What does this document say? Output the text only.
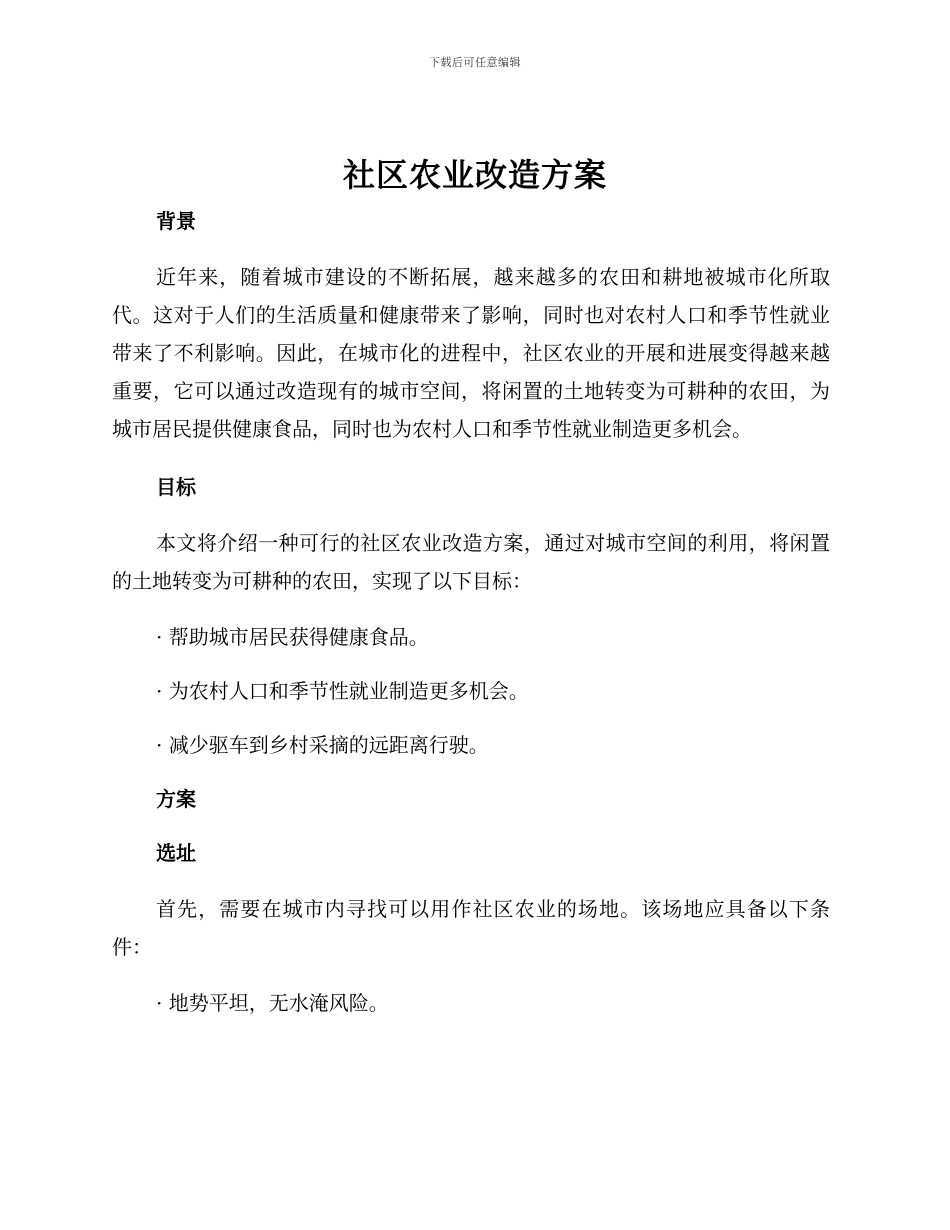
下载后可任意编辑
社区农业改造方案
背景

近年来，随着城市建设的不断拓展，越来越多的农田和耕地被城市化所取代。这对于人们的生活质量和健康带来了影响，同时也对农村人口和季节性就业带来了不利影响。因此，在城市化的进程中，社区农业的开展和进展变得越来越重要，它可以通过改造现有的城市空间，将闲置的土地转变为可耕种的农田，为城市居民提供健康食品，同时也为农村人口和季节性就业制造更多机会。

目标

本文将介绍一种可行的社区农业改造方案，通过对城市空间的利用，将闲置的土地转变为可耕种的农田，实现了以下目标：

· 帮助城市居民获得健康食品。
· 为农村人口和季节性就业制造更多机会。
· 减少驱车到乡村采摘的远距离行驶。
方案
选址

首先，需要在城市内寻找可以用作社区农业的场地。该场地应具备以下条件：

· 地势平坦，无水淹风险。
